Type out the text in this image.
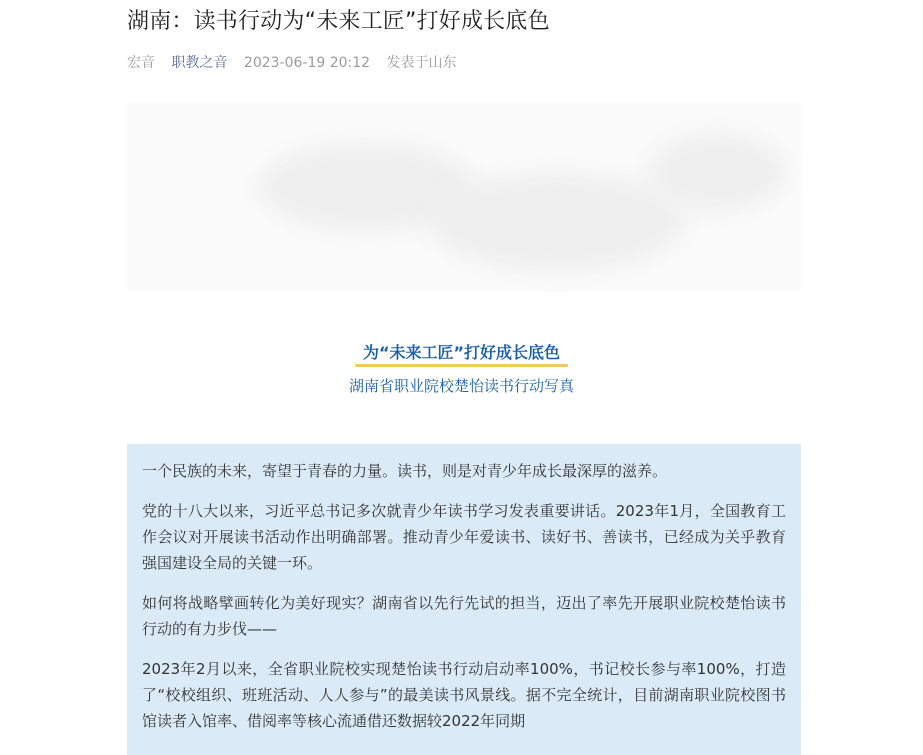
湖南：读书行动为“未来工匠”打好成长底色
宏音 职教之音 2023-06-19 20:12 发表于山东
为“未来工匠”打好成长底色
湖南省职业院校楚怡读书行动写真

一个民族的未来，寄望于青春的力量。读书，则是对青少年成长最深厚的滋养。

党的十八大以来，习近平总书记多次就青少年读书学习发表重要讲话。2023年1月，全国教育工作会议对开展读书活动作出明确部署。推动青少年爱读书、读好书、善读书，已经成为关乎教育强国建设全局的关键一环。

如何将战略擘画转化为美好现实？湖南省以先行先试的担当，迈出了率先开展职业院校楚怡读书行动的有力步伐——

2023年2月以来，全省职业院校实现楚怡读书行动启动率100%，书记校长参与率100%，打造了“校校组织、班班活动、人人参与”的最美读书风景线。据不完全统计，目前湖南职业院校图书馆读者入馆率、借阅率等核心流通借还数据较2022年同期
